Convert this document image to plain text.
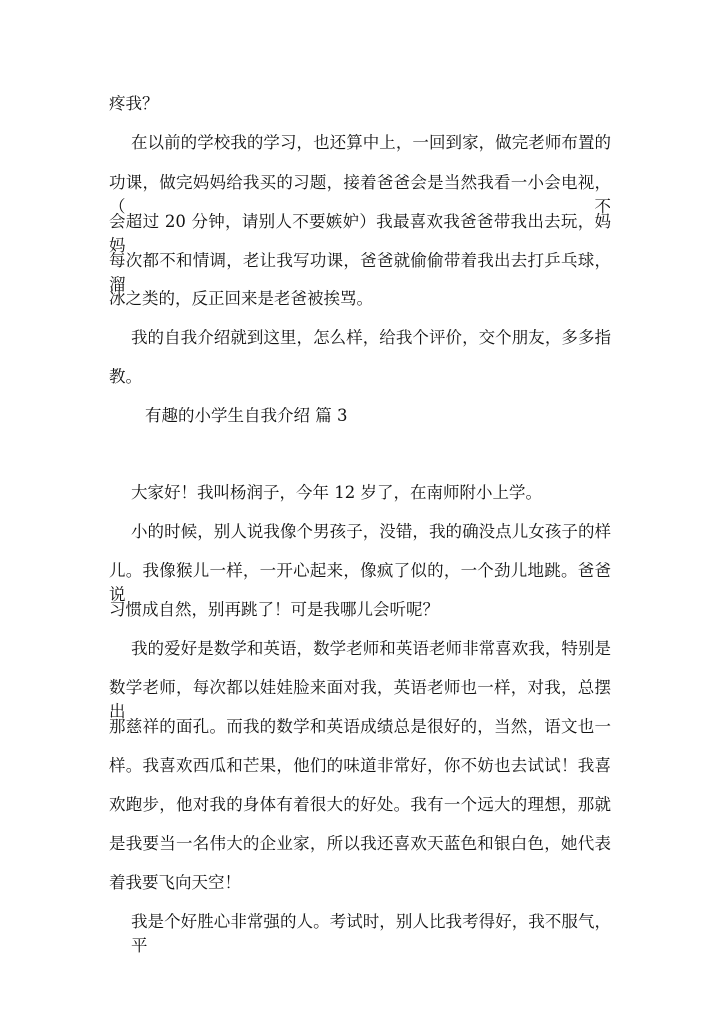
疼我？
在以前的学校我的学习，也还算中上，一回到家，做完老师布置的
功课，做完妈妈给我买的习题，接着爸爸会是当然我看一小会电视，（不
会超过 20 分钟，请别人不要嫉妒）我最喜欢我爸爸带我出去玩，妈妈
每次都不和情调，老让我写功课，爸爸就偷偷带着我出去打乒乓球，溜
冰之类的，反正回来是老爸被挨骂。
我的自我介绍就到这里，怎么样，给我个评价，交个朋友，多多指
教。
有趣的小学生自我介绍 篇 3
大家好！我叫杨润子，今年 12 岁了，在南师附小上学。
小的时候，别人说我像个男孩子，没错，我的确没点儿女孩子的样
儿。我像猴儿一样，一开心起来，像疯了似的，一个劲儿地跳。爸爸说
习惯成自然，别再跳了！可是我哪儿会听呢？
我的爱好是数学和英语，数学老师和英语老师非常喜欢我，特别是
数学老师，每次都以娃娃脸来面对我，英语老师也一样，对我，总摆出
那慈祥的面孔。而我的数学和英语成绩总是很好的，当然，语文也一
样。我喜欢西瓜和芒果，他们的味道非常好，你不妨也去试试！我喜
欢跑步，他对我的身体有着很大的好处。我有一个远大的理想，那就
是我要当一名伟大的企业家，所以我还喜欢天蓝色和银白色，她代表
着我要飞向天空！
我是个好胜心非常强的人。考试时，别人比我考得好，我不服气，平
